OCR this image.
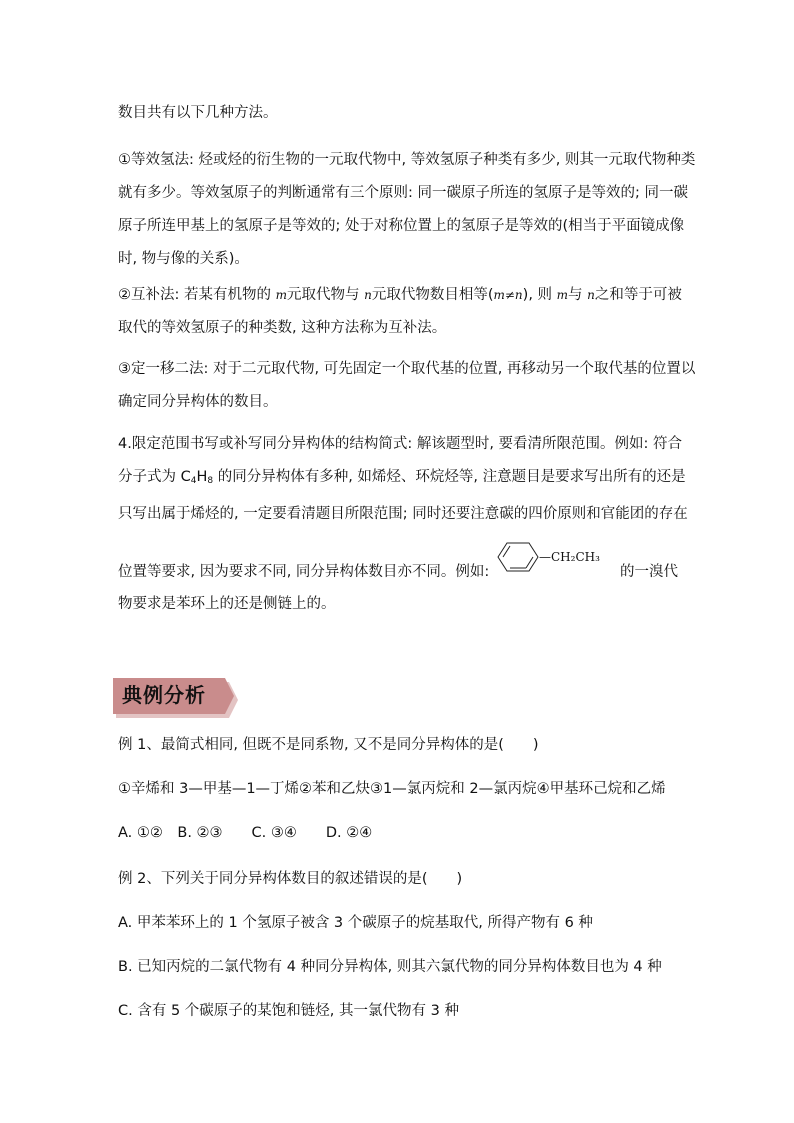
数目共有以下几种方法。
①等效氢法: 烃或烃的衍生物的一元取代物中, 等效氢原子种类有多少, 则其一元取代物种类
就有多少。等效氢原子的判断通常有三个原则: 同一碳原子所连的氢原子是等效的; 同一碳
原子所连甲基上的氢原子是等效的; 处于对称位置上的氢原子是等效的(相当于平面镜成像
时, 物与像的关系)。
②互补法: 若某有机物的 m元取代物与 n元取代物数目相等(m≠n), 则 m与 n之和等于可被
取代的等效氢原子的种类数, 这种方法称为互补法。
③定一移二法: 对于二元取代物, 可先固定一个取代基的位置, 再移动另一个取代基的位置以
确定同分异构体的数目。
4.限定范围书写或补写同分异构体的结构简式: 解该题型时, 要看清所限范围。例如: 符合
分子式为 $C_4H_8$ 的同分异构体有多种, 如烯烃、环烷烃等, 注意题目是要求写出所有的还是
只写出属于烯烃的, 一定要看清题目所限范围; 同时还要注意碳的四价原则和官能团的存在
位置等要求, 因为要求不同, 同分异构体数目亦不同。例如:
—CH₂CH₃
的一溴代
物要求是苯环上的还是侧链上的。
典例分析
例 1、最简式相同, 但既不是同系物, 又不是同分异构体的是(　　)
①辛烯和 3—甲基—1—丁烯②苯和乙炔③1—氯丙烷和 2—氯丙烷④甲基环己烷和乙烯
A. ①②　B. ②③　　C. ③④　　D. ②④
例 2、下列关于同分异构体数目的叙述错误的是(　　)
A. 甲苯苯环上的 1 个氢原子被含 3 个碳原子的烷基取代, 所得产物有 6 种
B. 已知丙烷的二氯代物有 4 种同分异构体, 则其六氯代物的同分异构体数目也为 4 种
C. 含有 5 个碳原子的某饱和链烃, 其一氯代物有 3 种
